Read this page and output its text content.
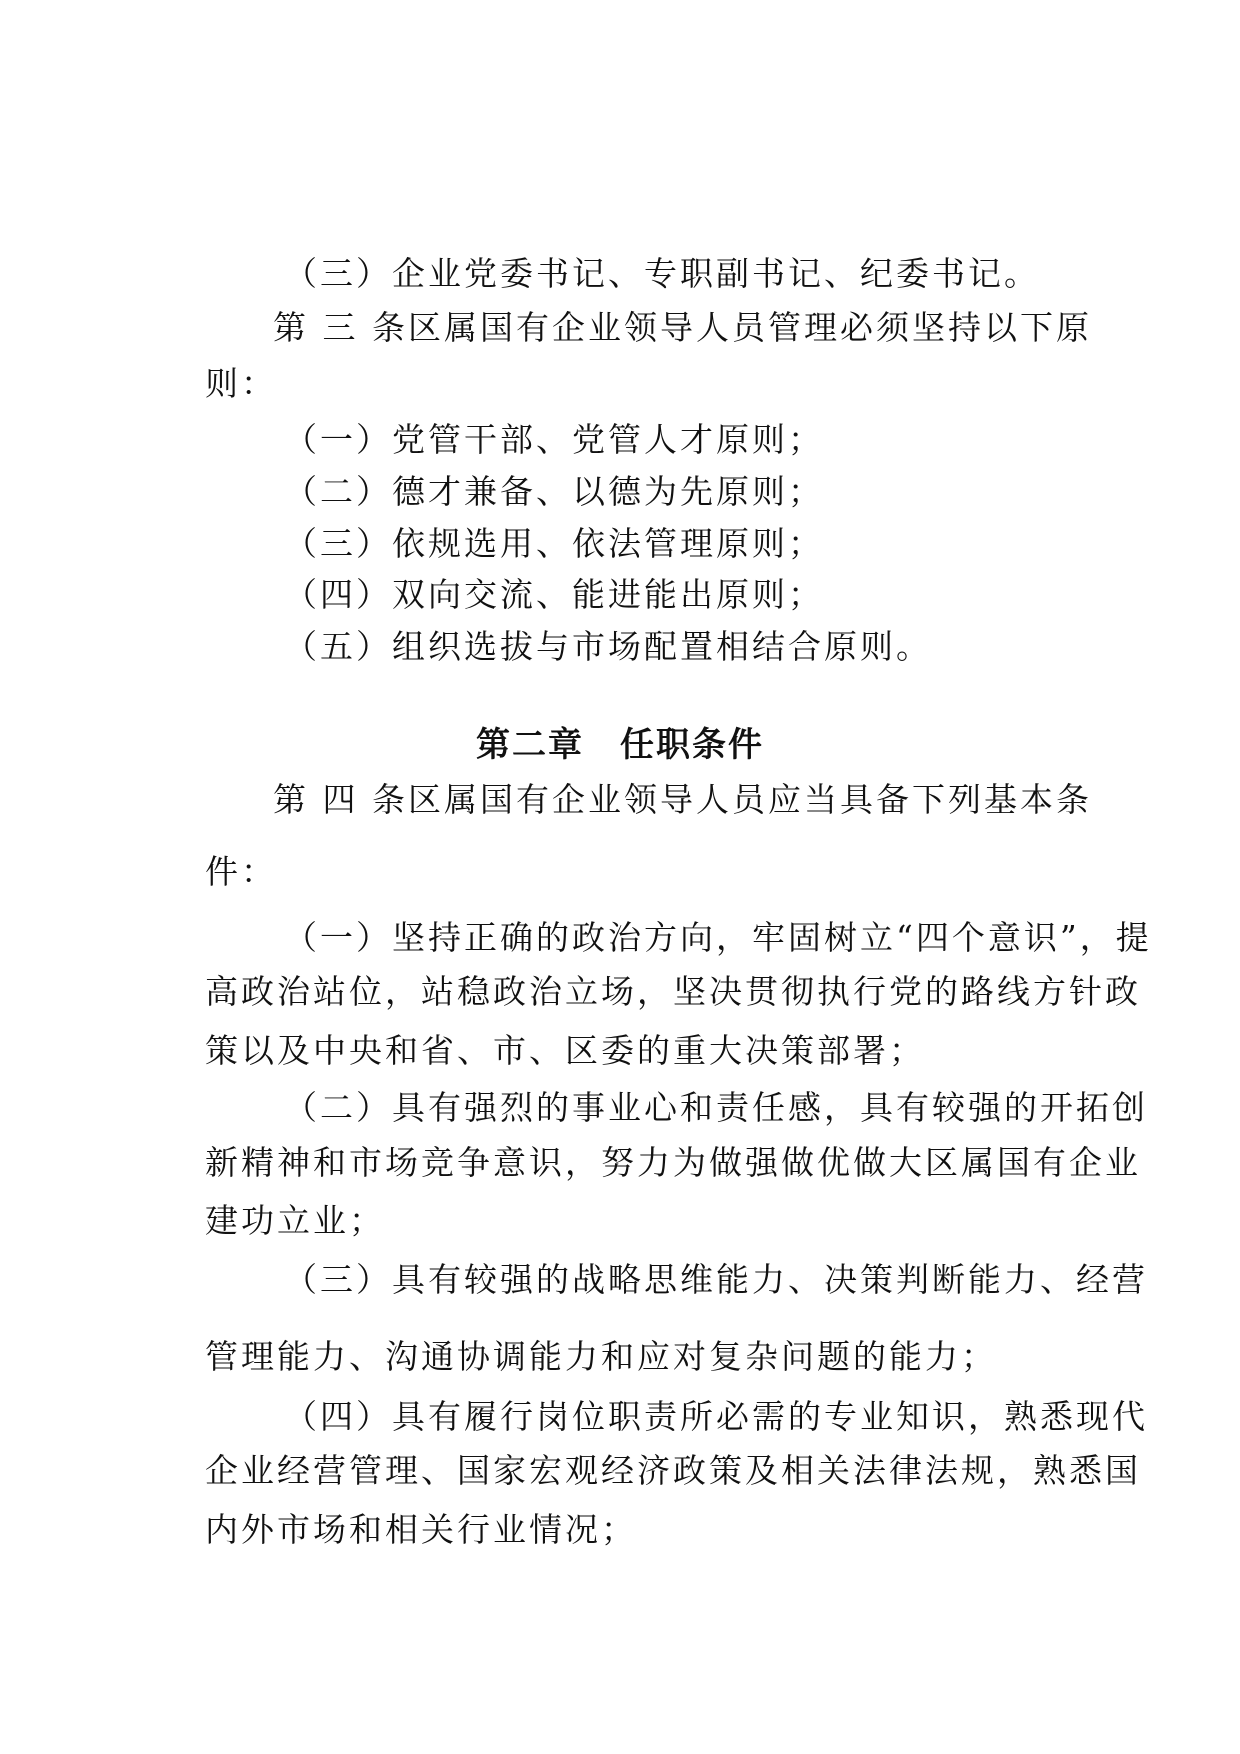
（三）企业党委书记、专职副书记、纪委书记。
第三条区属国有企业领导人员管理必须坚持以下原
则：
（一）党管干部、党管人才原则；
（二）德才兼备、以德为先原则；
（三）依规选用、依法管理原则；
（四）双向交流、能进能出原则；
（五）组织选拔与市场配置相结合原则。
第二章　任职条件
第四条区属国有企业领导人员应当具备下列基本条
件：
（一）坚持正确的政治方向，牢固树立“四个意识”，提
高政治站位，站稳政治立场，坚决贯彻执行党的路线方针政
策以及中央和省、市、区委的重大决策部署；
（二）具有强烈的事业心和责任感，具有较强的开拓创
新精神和市场竞争意识，努力为做强做优做大区属国有企业
建功立业；
（三）具有较强的战略思维能力、决策判断能力、经营
管理能力、沟通协调能力和应对复杂问题的能力；
（四）具有履行岗位职责所必需的专业知识，熟悉现代
企业经营管理、国家宏观经济政策及相关法律法规，熟悉国
内外市场和相关行业情况；
